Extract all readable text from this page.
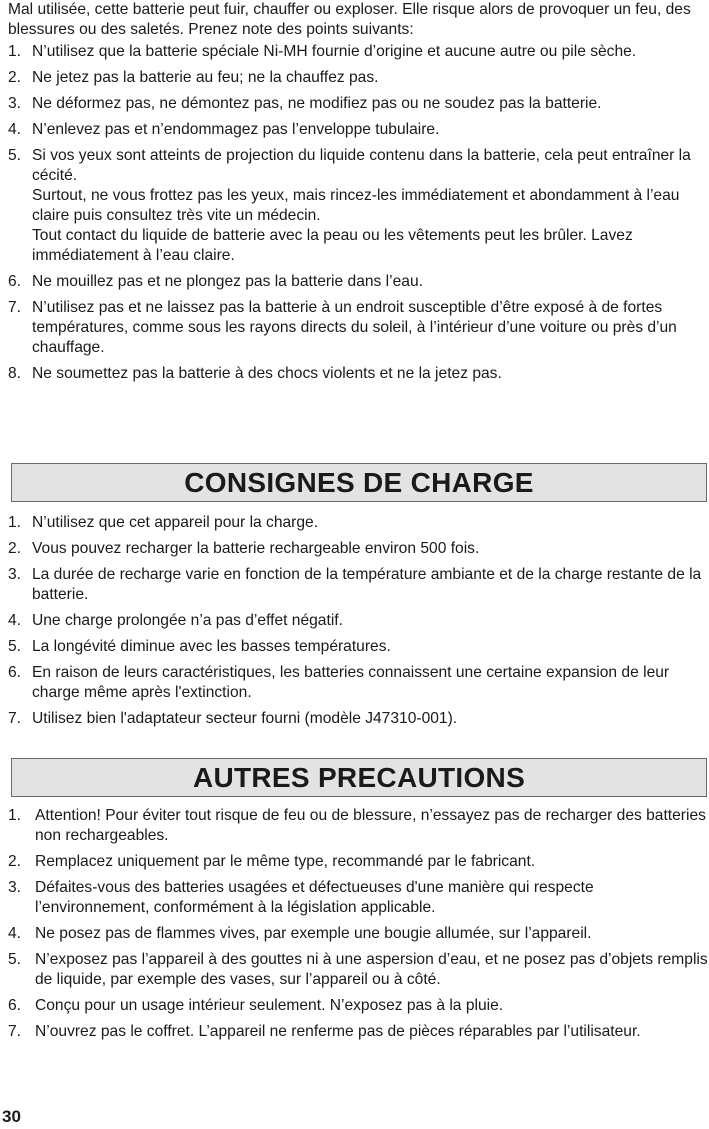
Mal utilisée, cette batterie peut fuir, chauffer ou exploser. Elle risque alors de provoquer un feu, des blessures ou des saletés. Prenez note des points suivants:

1. N’utilisez que la batterie spéciale Ni-MH fournie d’origine et aucune autre ou pile sèche.
2. Ne jetez pas la batterie au feu; ne la chauffez pas.
3. Ne déformez pas, ne démontez pas, ne modifiez pas ou ne soudez pas la batterie.
4. N’enlevez pas et n’endommagez pas l’enveloppe tubulaire.
5. Si vos yeux sont atteints de projection du liquide contenu dans la batterie, cela peut entraîner la cécité.
Surtout, ne vous frottez pas les yeux, mais rincez-les immédiatement et abondamment à l’eau claire puis consultez très vite un médecin.
Tout contact du liquide de batterie avec la peau ou les vêtements peut les brûler. Lavez immédiatement à l’eau claire.
6. Ne mouillez pas et ne plongez pas la batterie dans l’eau.
7. N’utilisez pas et ne laissez pas la batterie à un endroit susceptible d’être exposé à de fortes températures, comme sous les rayons directs du soleil, à l’intérieur d’une voiture ou près d’un chauffage.
8. Ne soumettez pas la batterie à des chocs violents et ne la jetez pas.
CONSIGNES DE CHARGE
1. N’utilisez que cet appareil pour la charge.
2. Vous pouvez recharger la batterie rechargeable environ 500 fois.
3. La durée de recharge varie en fonction de la température ambiante et de la charge restante de la batterie.
4. Une charge prolongée n’a pas d’effet négatif.
5. La longévité diminue avec les basses températures.
6. En raison de leurs caractéristiques, les batteries connaissent une certaine expansion de leur charge même après l'extinction.
7. Utilisez bien l'adaptateur secteur fourni (modèle J47310-001).
AUTRES PRECAUTIONS
1. Attention! Pour éviter tout risque de feu ou de blessure, n’essayez pas de recharger des batteries non rechargeables.
2. Remplacez uniquement par le même type, recommandé par le fabricant.
3. Défaites-vous des batteries usagées et défectueuses d'une manière qui respecte l’environnement, conformément à la législation applicable.
4. Ne posez pas de flammes vives, par exemple une bougie allumée, sur l’appareil.
5. N’exposez pas l’appareil à des gouttes ni à une aspersion d’eau, et ne posez pas d’objets remplis de liquide, par exemple des vases, sur l’appareil ou à côté.
6. Conçu pour un usage intérieur seulement. N’exposez pas à la pluie.
7. N’ouvrez pas le coffret. L’appareil ne renferme pas de pièces réparables par l’utilisateur.
30
